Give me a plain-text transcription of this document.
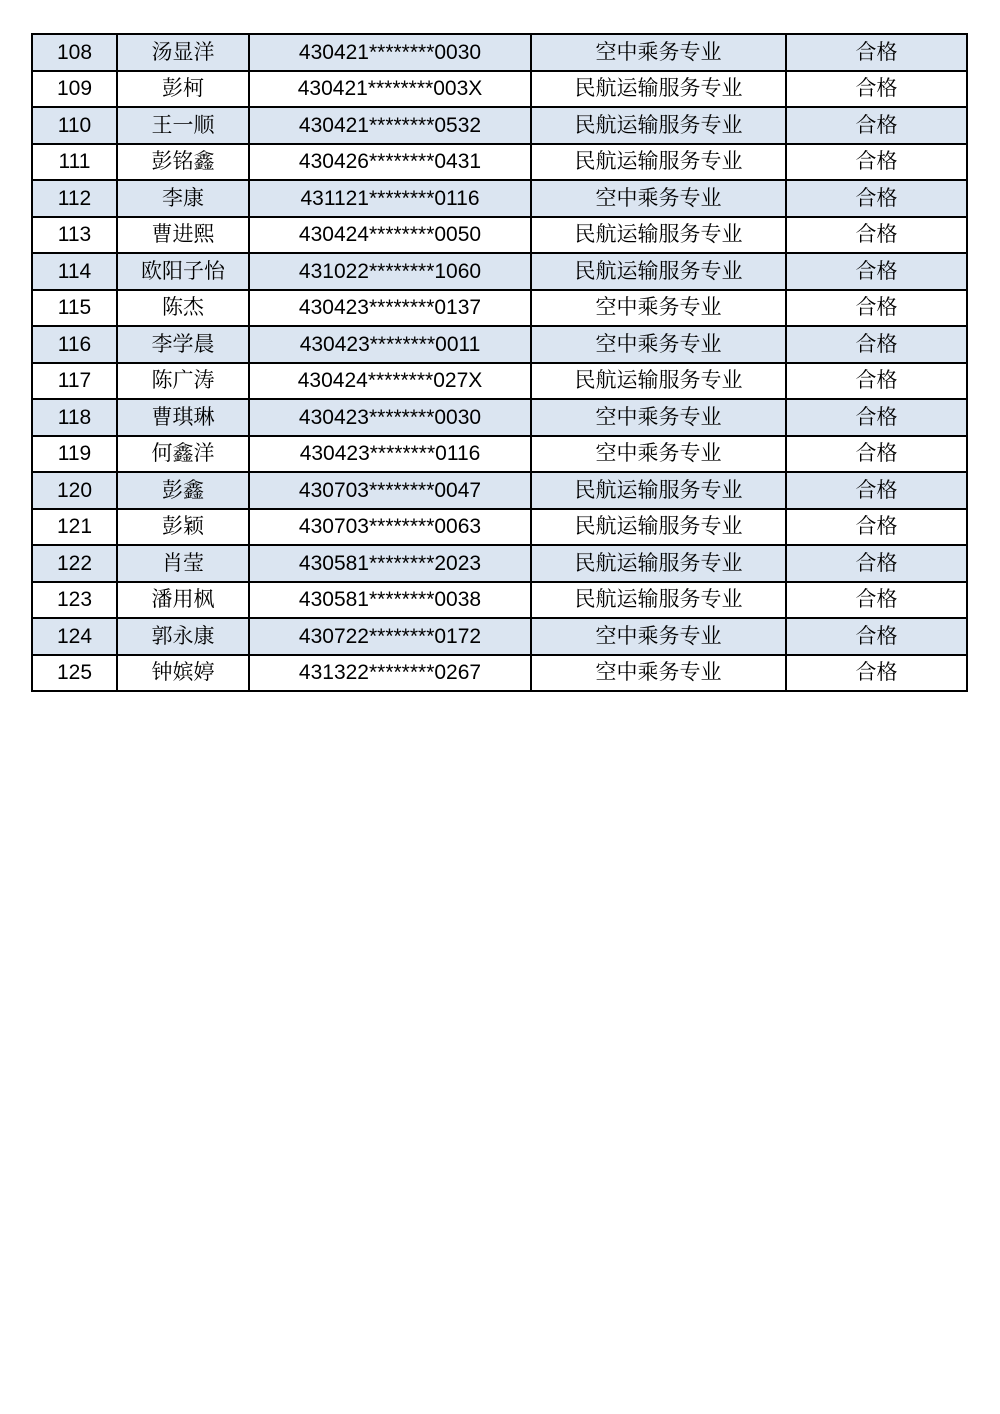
108	汤显洋	430421********0030	空中乘务专业	合格
109	彭柯	430421********003X	民航运输服务专业	合格
110	王一顺	430421********0532	民航运输服务专业	合格
111	彭铭鑫	430426********0431	民航运输服务专业	合格
112	李康	431121********0116	空中乘务专业	合格
113	曹进熙	430424********0050	民航运输服务专业	合格
114	欧阳子怡	431022********1060	民航运输服务专业	合格
115	陈杰	430423********0137	空中乘务专业	合格
116	李学晨	430423********0011	空中乘务专业	合格
117	陈广涛	430424********027X	民航运输服务专业	合格
118	曹琪琳	430423********0030	空中乘务专业	合格
119	何鑫洋	430423********0116	空中乘务专业	合格
120	彭鑫	430703********0047	民航运输服务专业	合格
121	彭颖	430703********0063	民航运输服务专业	合格
122	肖莹	430581********2023	民航运输服务专业	合格
123	潘用枫	430581********0038	民航运输服务专业	合格
124	郭永康	430722********0172	空中乘务专业	合格
125	钟嫔婷	431322********0267	空中乘务专业	合格
